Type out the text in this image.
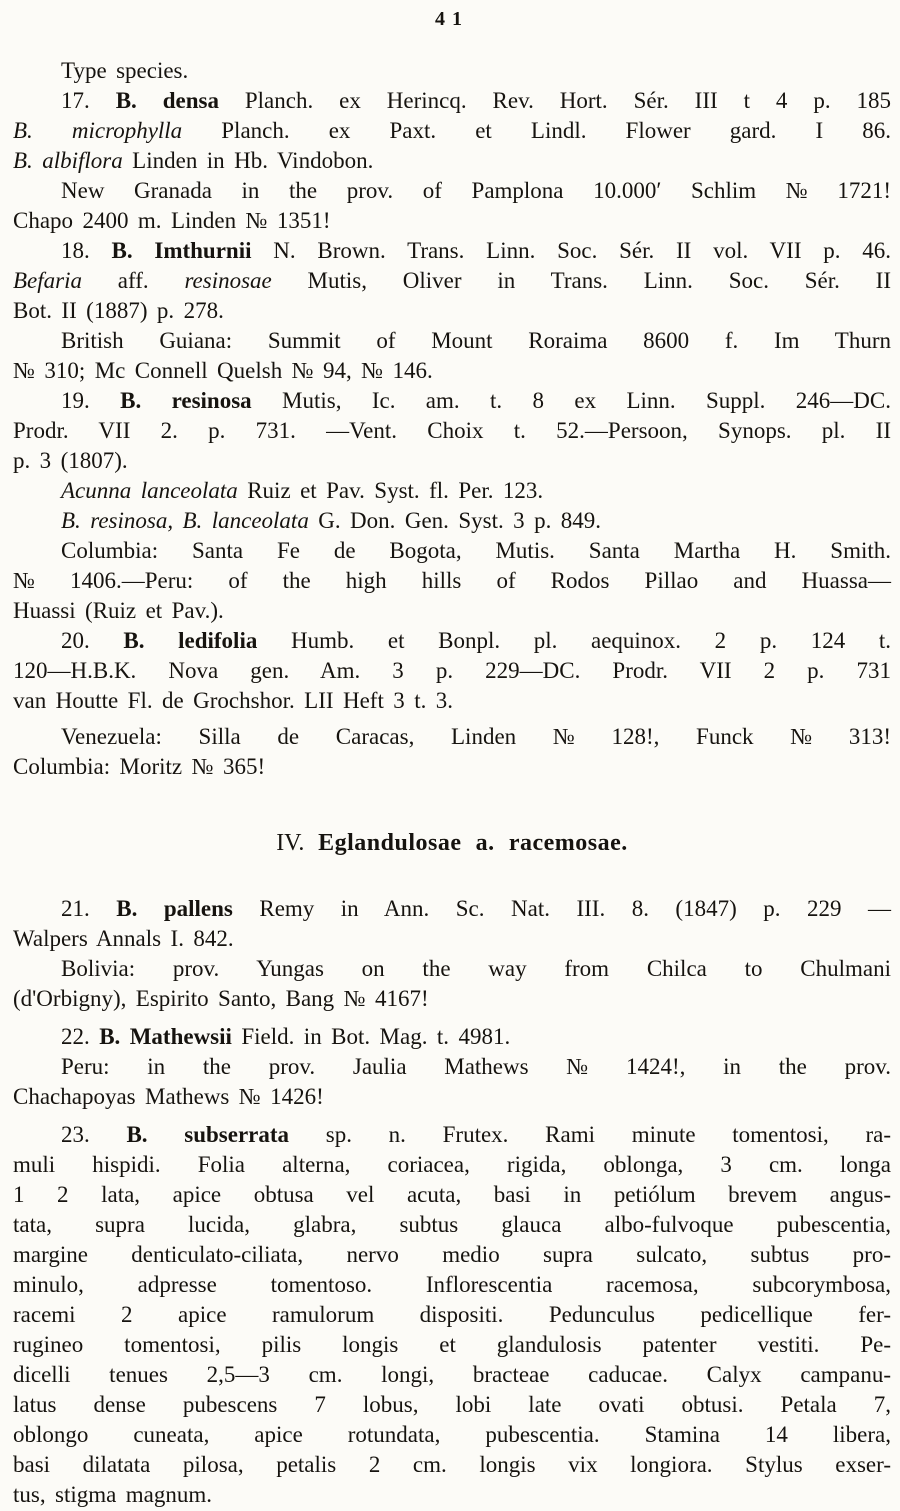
41
Type species.
17. B. densa Planch. ex Herincq. Rev. Hort. Sér. III t 4 p. 185
B. microphylla Planch. ex Paxt. et Lindl. Flower gard. I 86.
B. albiflora Linden in Hb. Vindobon.
New Granada in the prov. of Pamplona 10.000′ Schlim № 1721!
Chapo 2400 m. Linden № 1351!
18. B. Imthurnii N. Brown. Trans. Linn. Soc. Sér. II vol. VII p. 46.
Befaria aff. resinosae Mutis, Oliver in Trans. Linn. Soc. Sér. II
Bot. II (1887) p. 278.
British Guiana: Summit of Mount Roraima 8600 f. Im Thurn
№ 310; Mc Connell Quelsh № 94, № 146.
19. B. resinosa Mutis, Ic. am. t. 8 ex Linn. Suppl. 246—DC.
Prodr. VII 2. p. 731. —Vent. Choix t. 52.—Persoon, Synops. pl. II
p. 3 (1807).
Acunna lanceolata Ruiz et Pav. Syst. fl. Per. 123.
B. resinosa, B. lanceolata G. Don. Gen. Syst. 3 p. 849.
Columbia: Santa Fe de Bogota, Mutis. Santa Martha H. Smith.
№ 1406.—Peru: of the high hills of Rodos Pillao and Huassa—
Huassi (Ruiz et Pav.).
20. B. ledifolia Humb. et Bonpl. pl. aequinox. 2 p. 124 t.
120—H.B.K. Nova gen. Am. 3 p. 229—DC. Prodr. VII 2 p. 731
van Houtte Fl. de Grochshor. LII Heft 3 t. 3.
Venezuela: Silla de Caracas, Linden № 128!, Funck № 313!
Columbia: Moritz № 365!
IV. Eglandulosae a. racemosae.
21. B. pallens Remy in Ann. Sc. Nat. III. 8. (1847) p. 229 —
Walpers Annals I. 842.
Bolivia: prov. Yungas on the way from Chilca to Chulmani
(d'Orbigny), Espirito Santo, Bang № 4167!
22. B. Mathewsii Field. in Bot. Mag. t. 4981.
Peru: in the prov. Jaulia Mathews № 1424!, in the prov.
Chachapoyas Mathews № 1426!
23. B. subserrata sp. n. Frutex. Rami minute tomentosi, ra-
muli hispidi. Folia alterna, coriacea, rigida, oblonga, 3 cm. longa
1 2 lata, apice obtusa vel acuta, basi in petiólum brevem angus-
tata, supra lucida, glabra, subtus glauca albo-fulvoque pubescentia,
margine denticulato-ciliata, nervo medio supra sulcato, subtus pro-
minulo, adpresse tomentoso. Inflorescentia racemosa, subcorymbosa,
racemi 2 apice ramulorum dispositi. Pedunculus pedicellique fer-
rugineo tomentosi, pilis longis et glandulosis patenter vestiti. Pe-
dicelli tenues 2,5—3 cm. longi, bracteae caducae. Calyx campanu-
latus dense pubescens 7 lobus, lobi late ovati obtusi. Petala 7,
oblongo cuneata, apice rotundata, pubescentia. Stamina 14 libera,
basi dilatata pilosa, petalis 2 cm. longis vix longiora. Stylus exser-
tus, stigma magnum.
